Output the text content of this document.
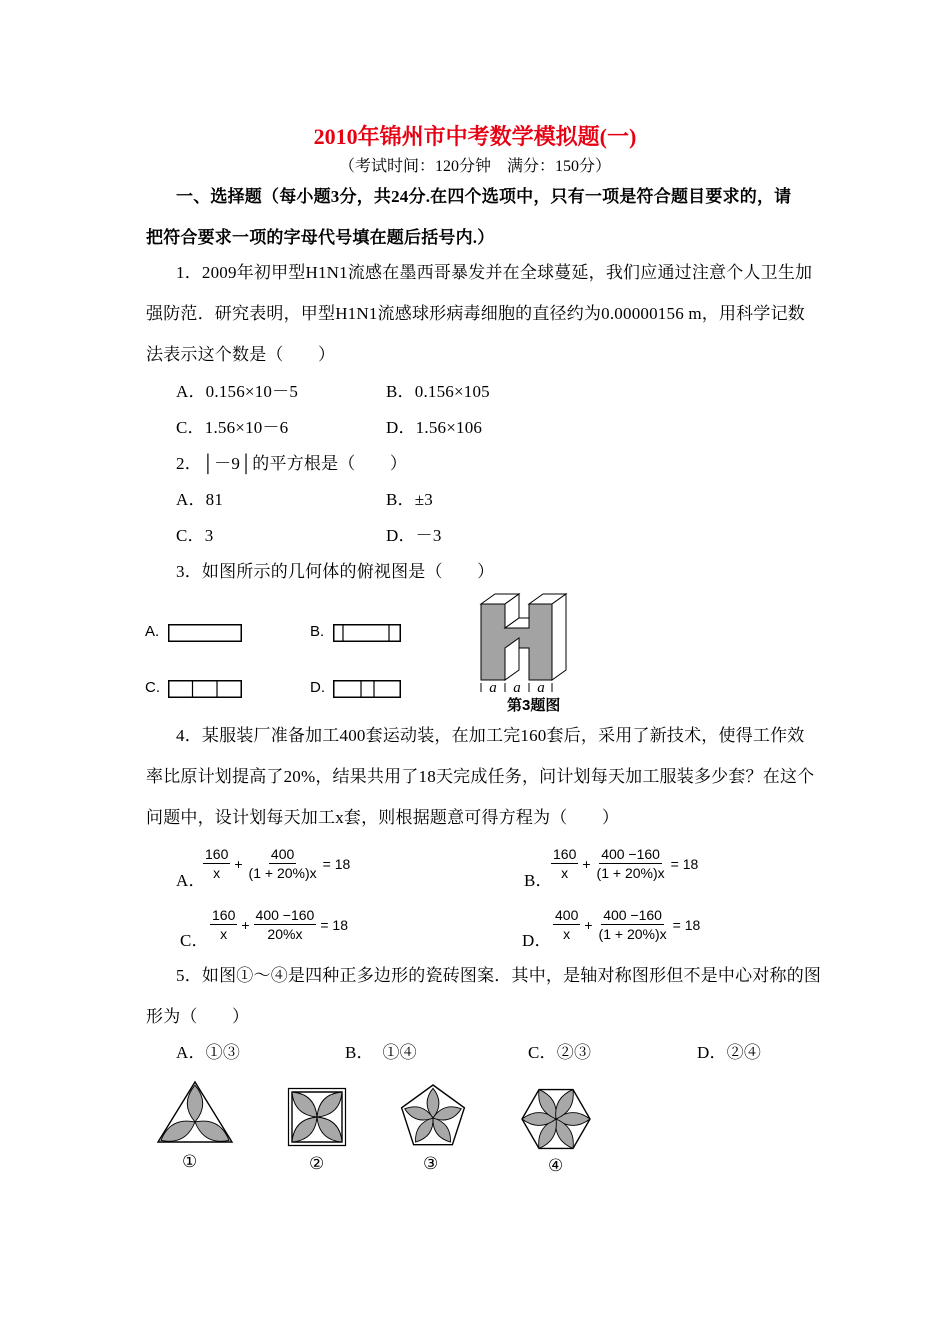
2010年锦州市中考数学模拟题(一)
（考试时间：120分钟　满分：150分）
一、选择题（每小题3分，共24分.在四个选项中，只有一项是符合题目要求的，请
把符合要求一项的字母代号填在题后括号内.）
1．2009年初甲型H1N1流感在墨西哥暴发并在全球蔓延，我们应通过注意个人卫生加
强防范．研究表明，甲型H1N1流感球形病毒细胞的直径约为0.00000156 m，用科学记数
法表示这个数是（　　）
A．0.156×10－5	B．0.156×105
C．1.56×10－6	D．1.56×106
2．│－9│的平方根是（　　）
A．81	B．±3
C．3	D．－3
3．如图所示的几何体的俯视图是（　　）
A.	B.
C.	D.	a a a
第3题图
4．某服装厂准备加工400套运动装，在加工完160套后，采用了新技术，使得工作效
率比原计划提高了20%，结果共用了18天完成任务，问计划每天加工服装多少套？在这个
问题中，设计划每天加工x套，则根据题意可得方程为（　　）
A．
$\frac{160}{x} + \frac{400}{(1 + 20\%)x} = 18$
B．
$\frac{160}{x} + \frac{400 -160}{(1 + 20\%)x} = 18$
C． $\frac{160}{x} + \frac{400 -160}{20\%x} = 18$
D． $\frac{400}{x} + \frac{400 -160}{(1 + 20\%)x} = 18$
5．如图①～④是四种正多边形的瓷砖图案．其中，是轴对称图形但不是中心对称的图
形为（　　）
A．①③	B．　①④	C．②③	D．②④
①	②	③	④
